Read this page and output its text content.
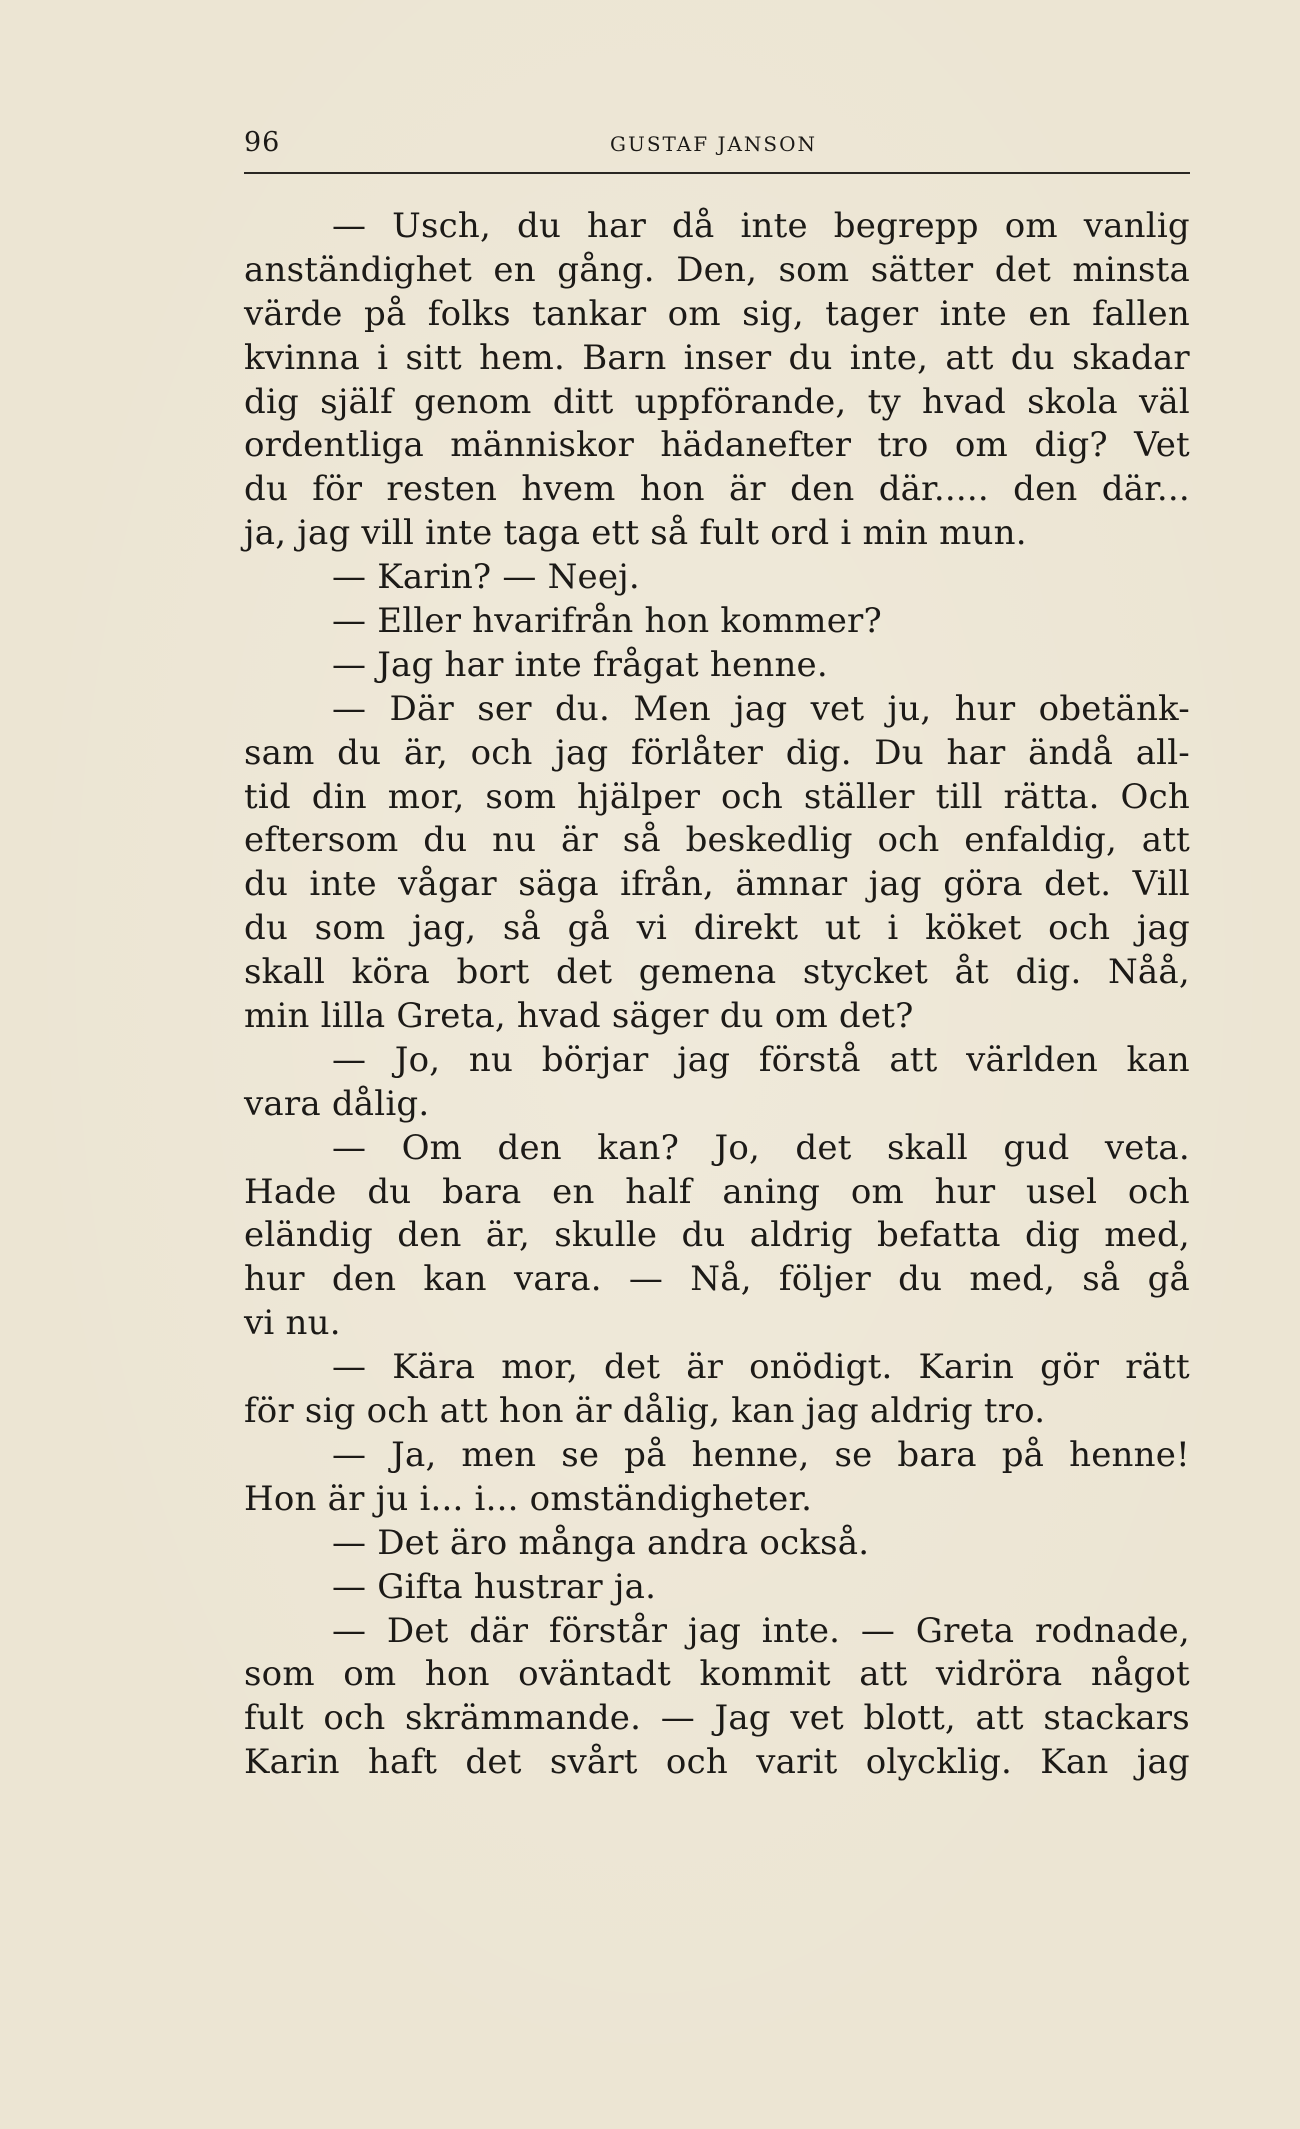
96	GUSTAF JANSON
— Usch, du har då inte begrepp om vanlig
anständighet en gång. Den, som sätter det minsta
värde på folks tankar om sig, tager inte en fallen
kvinna i sitt hem. Barn inser du inte, att du skadar
dig själf genom ditt uppförande, ty hvad skola väl
ordentliga människor hädanefter tro om dig? Vet
du för resten hvem hon är den där..... den där...
ja, jag vill inte taga ett så fult ord i min mun.
— Karin? — Neej.
— Eller hvarifrån hon kommer?
— Jag har inte frågat henne.
— Där ser du. Men jag vet ju, hur obetänk-
sam du är, och jag förlåter dig. Du har ändå all-
tid din mor, som hjälper och ställer till rätta. Och
eftersom du nu är så beskedlig och enfaldig, att
du inte vågar säga ifrån, ämnar jag göra det. Vill
du som jag, så gå vi direkt ut i köket och jag
skall köra bort det gemena stycket åt dig. Nåå,
min lilla Greta, hvad säger du om det?
— Jo, nu börjar jag förstå att världen kan
vara dålig.
— Om den kan? Jo, det skall gud veta.
Hade du bara en half aning om hur usel och
eländig den är, skulle du aldrig befatta dig med,
hur den kan vara. — Nå, följer du med, så gå
vi nu.
— Kära mor, det är onödigt. Karin gör rätt
för sig och att hon är dålig, kan jag aldrig tro.
— Ja, men se på henne, se bara på henne!
Hon är ju i... i... omständigheter.
— Det äro många andra också.
— Gifta hustrar ja.
— Det där förstår jag inte. — Greta rodnade,
som om hon oväntadt kommit att vidröra något
fult och skrämmande. — Jag vet blott, att stackars
Karin haft det svårt och varit olycklig. Kan jag
